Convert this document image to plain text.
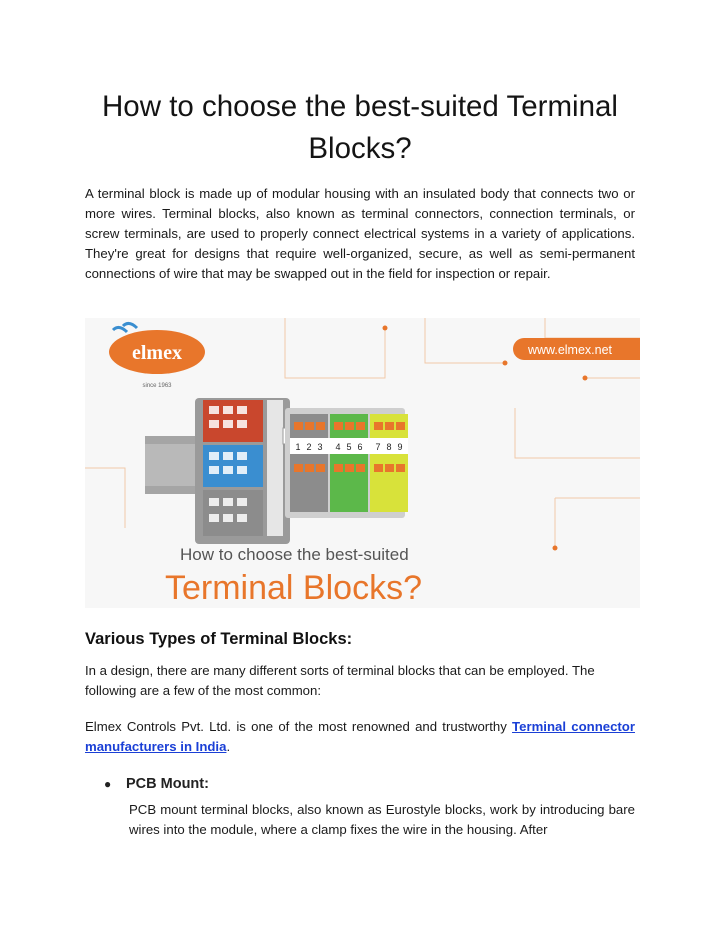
How to choose the best-suited Terminal Blocks?

A terminal block is made up of modular housing with an insulated body that connects two or more wires. Terminal blocks, also known as terminal connectors, connection terminals, or screw terminals, are used to properly connect electrical systems in a variety of applications. They're great for designs that require well-organized, secure, as well as semi-permanent connections of wire that may be swapped out in the field for inspection or repair.

elmex
since 1963
www.elmex.net
1 2 3 4 5 6 7 8 9
How to choose the best-suited
Terminal Blocks?
Various Types of Terminal Blocks:

In a design, there are many different sorts of terminal blocks that can be employed. The following are a few of the most common:

Elmex Controls Pvt. Ltd. is one of the most renowned and trustworthy Terminal connector manufacturers in India.

● PCB Mount:

PCB mount terminal blocks, also known as Eurostyle blocks, work by introducing bare wires into the module, where a clamp fixes the wire in the housing. After
